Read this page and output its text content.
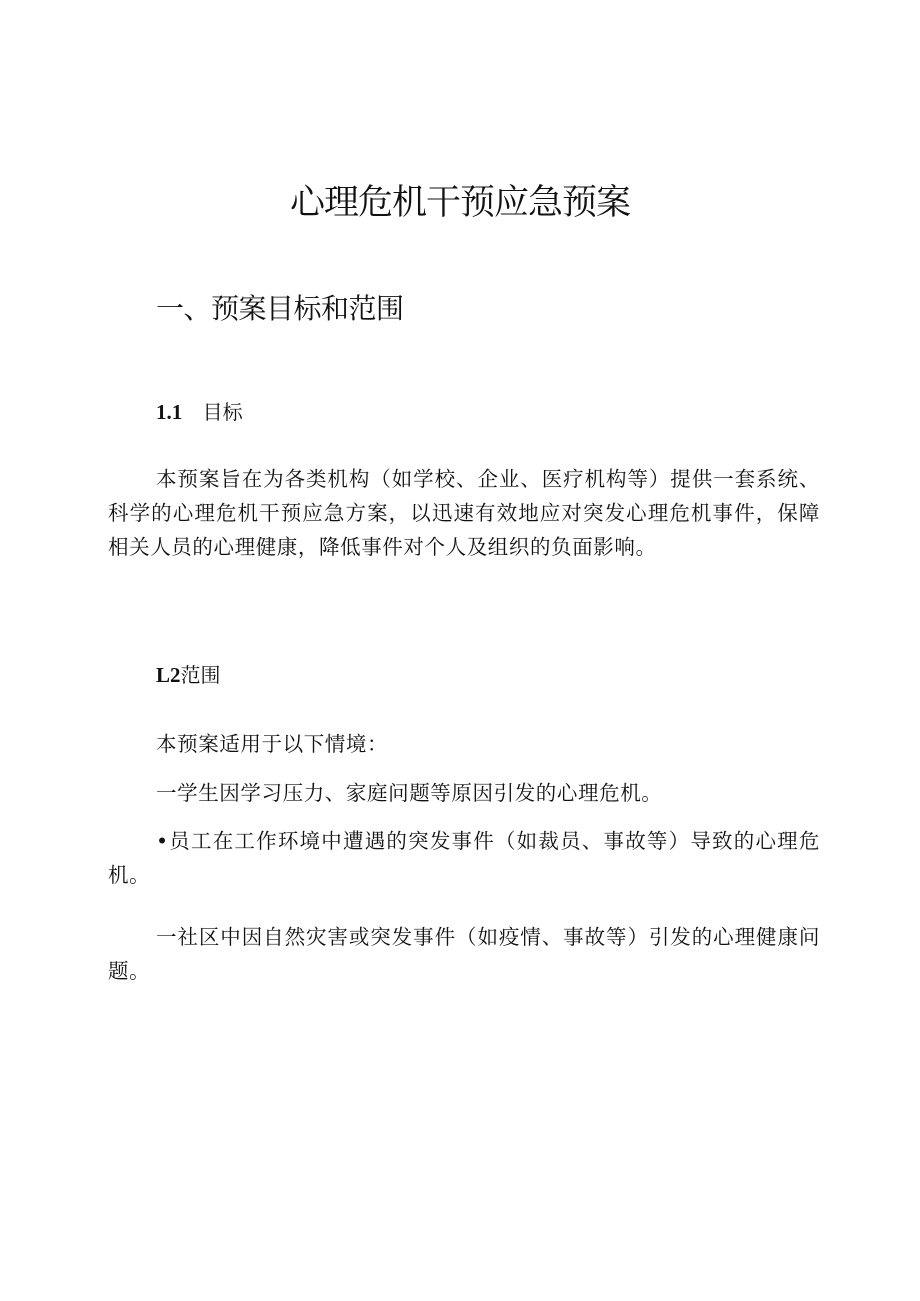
心理危机干预应急预案
一、预案目标和范围
1.1 目标

本预案旨在为各类机构（如学校、企业、医疗机构等）提供一套系统、科学的心理危机干预应急方案，以迅速有效地应对突发心理危机事件，保障相关人员的心理健康，降低事件对个人及组织的负面影响。

L2范围

本预案适用于以下情境：

一学生因学习压力、家庭问题等原因引发的心理危机。

•员工在工作环境中遭遇的突发事件（如裁员、事故等）导致的心理危机。

一社区中因自然灾害或突发事件（如疫情、事故等）引发的心理健康问题。
